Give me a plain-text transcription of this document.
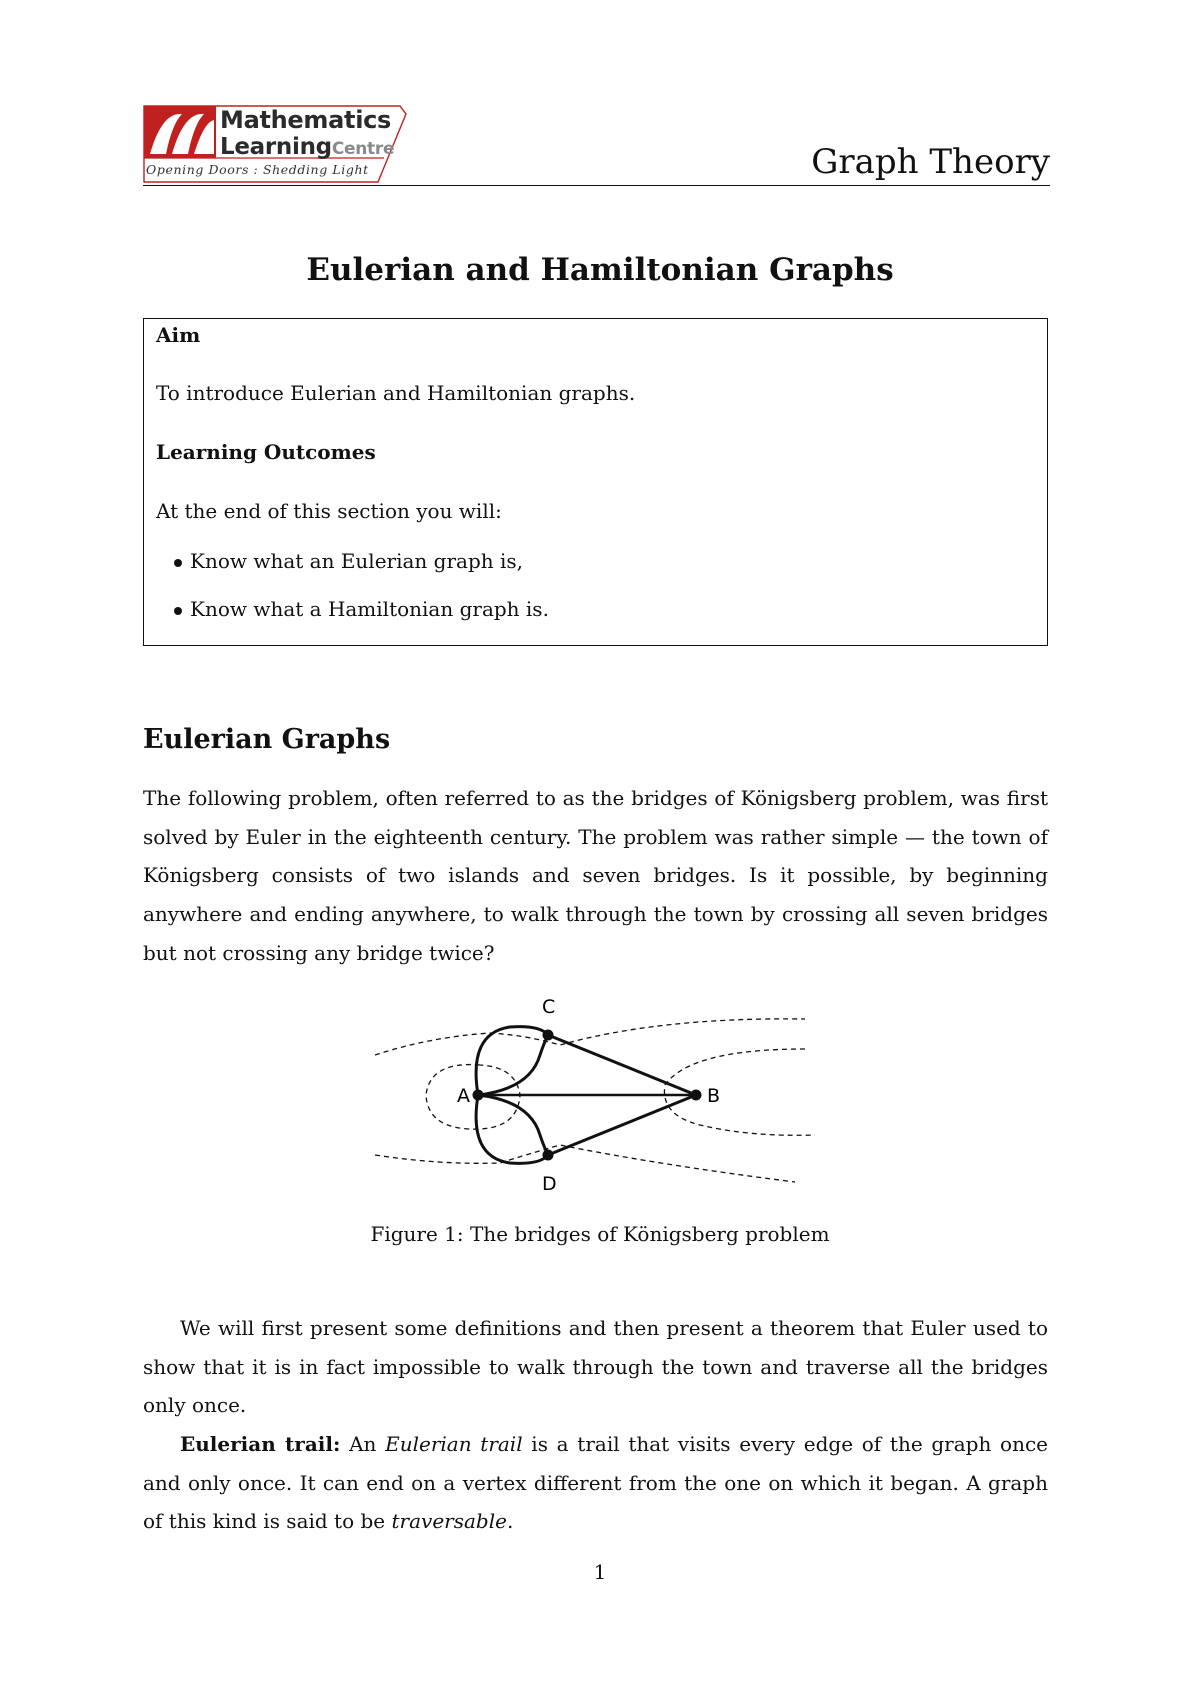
Mathematics
LearningCentre
Opening Doors : Shedding Light	Graph Theory
Eulerian and Hamiltonian Graphs
Aim
To introduce Eulerian and Hamiltonian graphs.
Learning Outcomes
At the end of this section you will:
Know what an Eulerian graph is,
Know what a Hamiltonian graph is.
Eulerian Graphs
The following problem, often referred to as the bridges of Königsberg problem, was first solved by Euler in the eighteenth century. The problem was rather simple — the town of Königsberg consists of two islands and seven bridges. Is it possible, by beginning anywhere and ending anywhere, to walk through the town by crossing all seven bridges but not crossing any bridge twice?
A	B
C
D
Figure 1: The bridges of Königsberg problem
We will first present some definitions and then present a theorem that Euler used to show that it is in fact impossible to walk through the town and traverse all the bridges only once.
Eulerian trail: An Eulerian trail is a trail that visits every edge of the graph once and only once. It can end on a vertex different from the one on which it began. A graph of this kind is said to be traversable.
1
